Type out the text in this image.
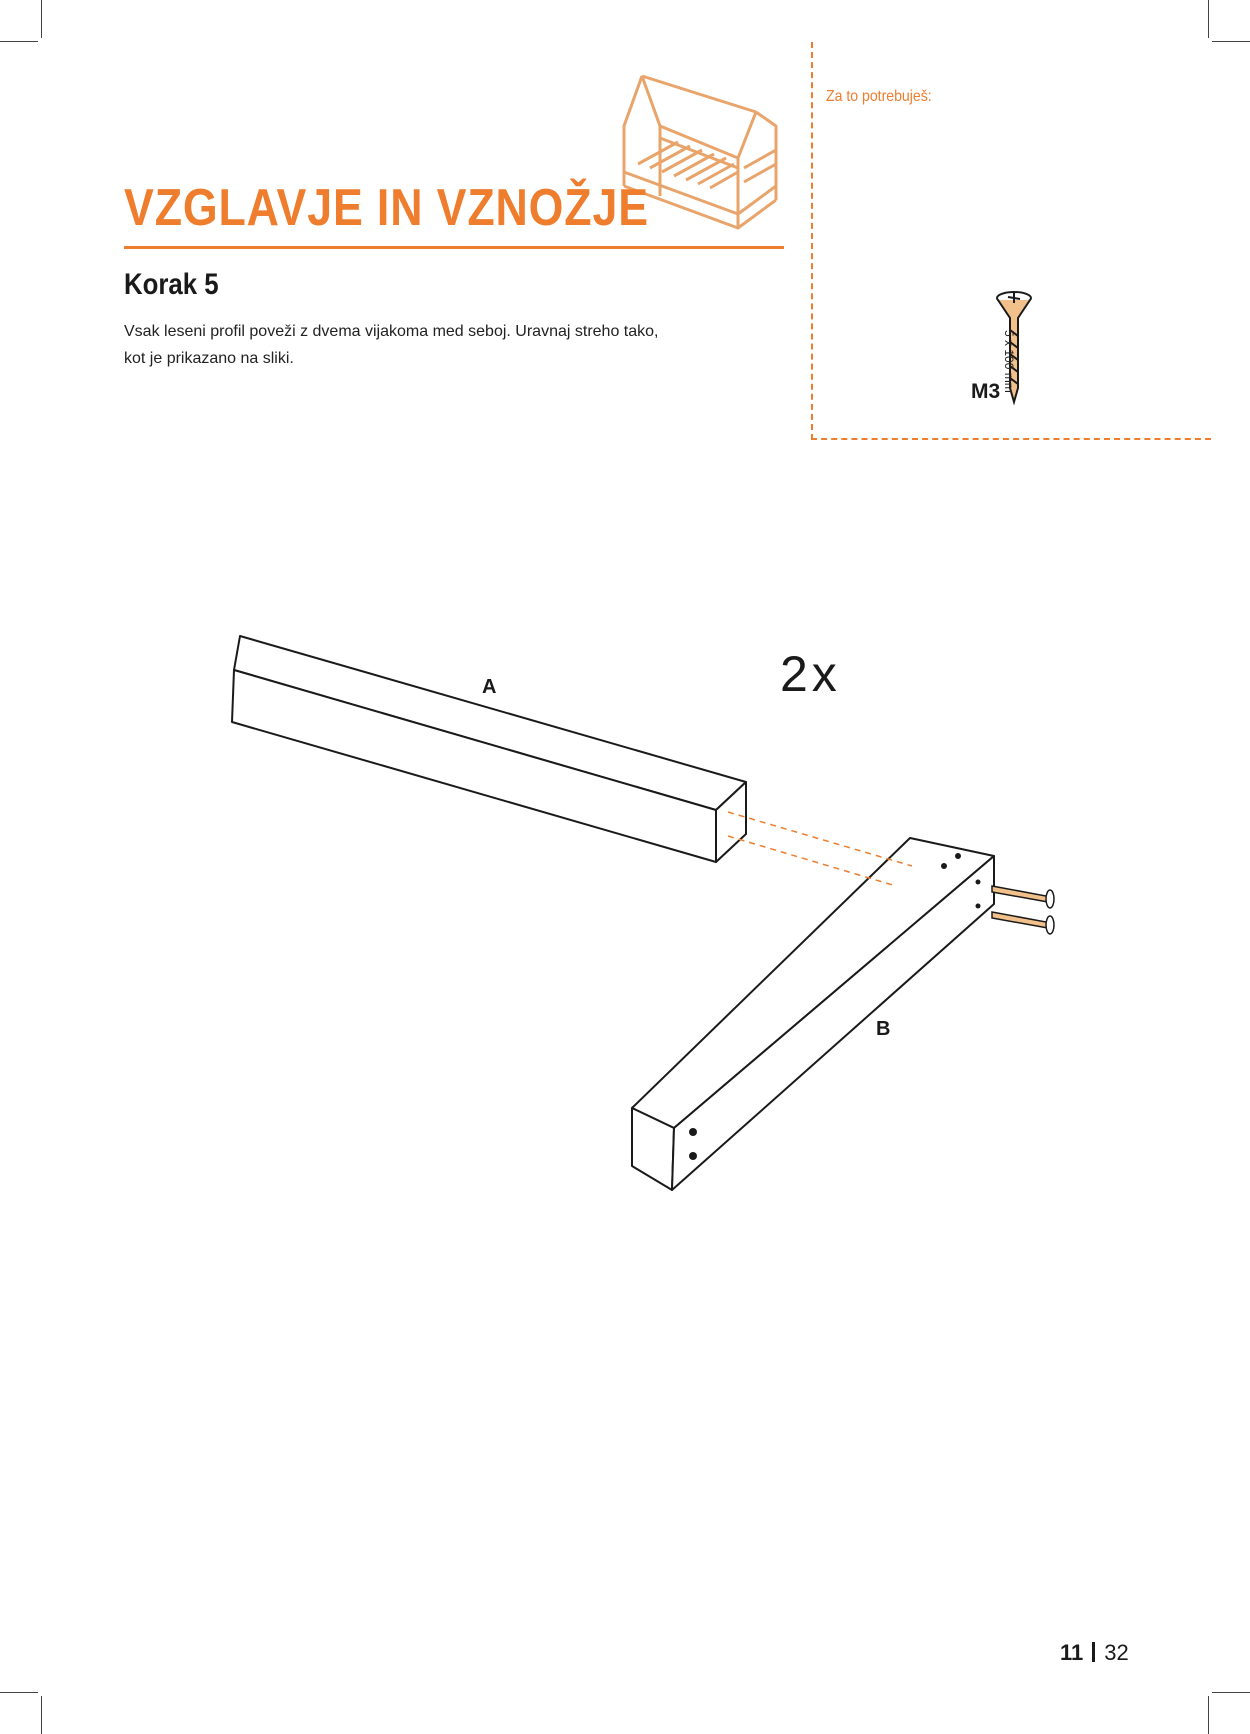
VZGLAVJE IN VZNOŽJE
Korak 5

Vsak leseni profil poveži z dvema vijakoma med seboj. Uravnaj streho tako, kot je prikazano na sliki.

Za to potrebuješ:
M3 5 x 100 mm
2x
A
B
11 32
